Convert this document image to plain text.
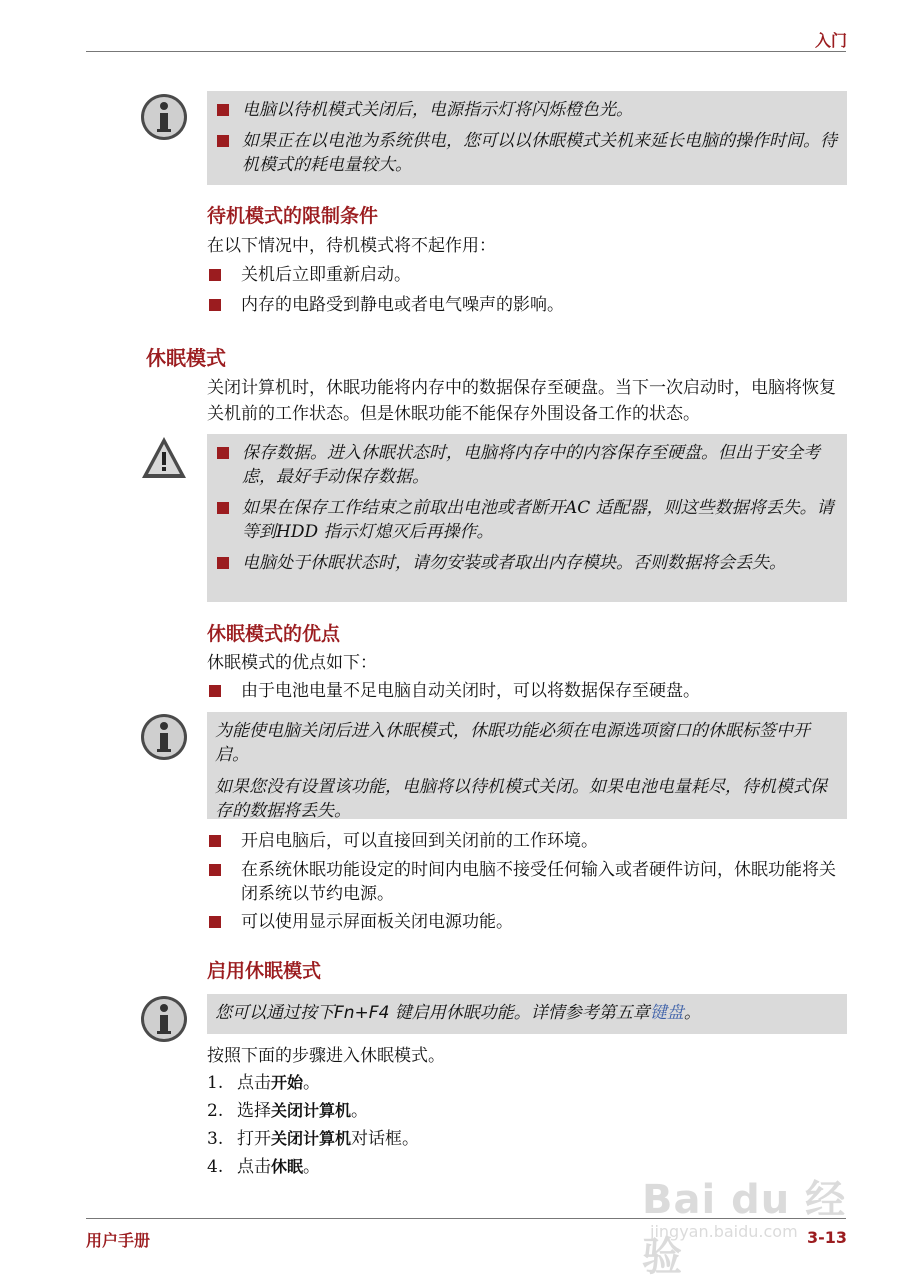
入门
电脑以待机模式关闭后，电源指示灯将闪烁橙色光。
如果正在以电池为系统供电，您可以以休眠模式关机来延长电脑的操作时间。待机模式的耗电量较大。
待机模式的限制条件
在以下情况中，待机模式将不起作用：
关机后立即重新启动。
内存的电路受到静电或者电气噪声的影响。
休眠模式
关闭计算机时，休眠功能将内存中的数据保存至硬盘。当下一次启动时，电脑将恢复关机前的工作状态。但是休眠功能不能保存外围设备工作的状态。
保存数据。进入休眠状态时，电脑将内存中的内容保存至硬盘。但出于安全考虑，最好手动保存数据。
如果在保存工作结束之前取出电池或者断开AC 适配器，则这些数据将丢失。请等到HDD 指示灯熄灭后再操作。
电脑处于休眠状态时，请勿安装或者取出内存模块。否则数据将会丢失。
休眠模式的优点
休眠模式的优点如下：
由于电池电量不足电脑自动关闭时，可以将数据保存至硬盘。

为能使电脑关闭后进入休眠模式，休眠功能必须在电源选项窗口的休眠标签中开启。

如果您没有设置该功能，电脑将以待机模式关闭。如果电池电量耗尽，待机模式保存的数据将丢失。

开启电脑后，可以直接回到关闭前的工作环境。
在系统休眠功能设定的时间内电脑不接受任何输入或者硬件访问，休眠功能将关闭系统以节约电源。
可以使用显示屏面板关闭电源功能。
启用休眠模式
您可以通过按下Fn+F4 键启用休眠功能。详情参考第五章键盘。
按照下面的步骤进入休眠模式。
1. 点击开始。
2. 选择关闭计算机。
3. 打开关闭计算机对话框。
4. 点击休眠。
Bai du 经验
jingyan.baidu.com
用户手册	3-13
